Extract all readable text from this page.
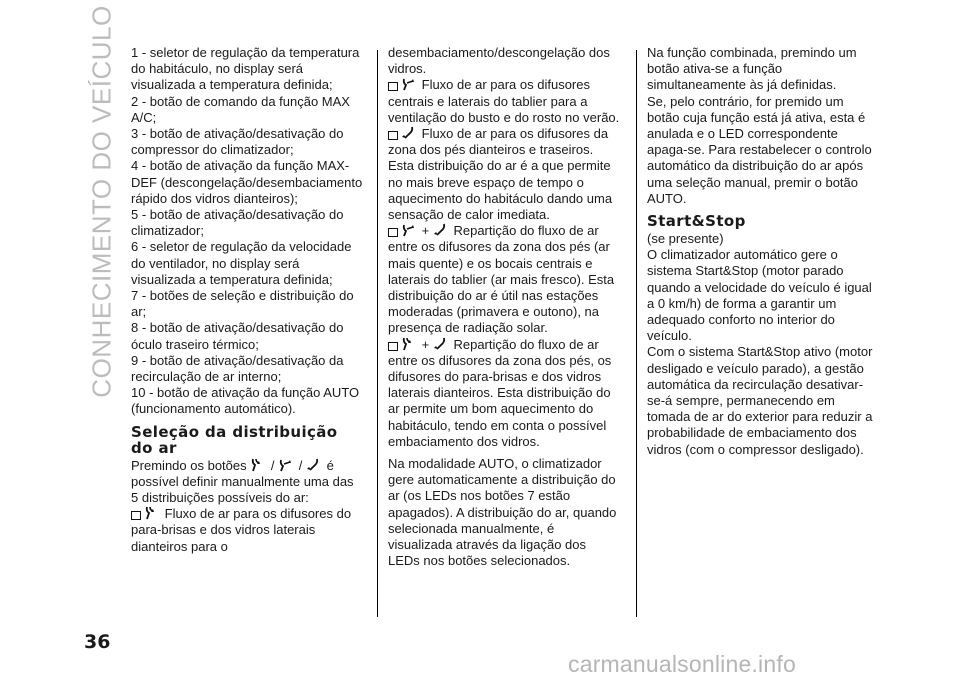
CONHECIMENTO DO VEÍCULO 1 - seletor de regulação da temperatura do habitáculo, no display será visualizada a temperatura definida;

2 - botão de comando da função MAX A/C;

3 - botão de ativação/desativação do compressor do climatizador;

4 - botão de ativação da função MAX-DEF (descongelação/desembaciamento rápido dos vidros dianteiros);

5 - botão de ativação/desativação do climatizador;

6 - seletor de regulação da velocidade do ventilador, no display será visualizada a temperatura definida;

7 - botões de seleção e distribuição do ar;

8 - botão de ativação/desativação do óculo traseiro térmico;

9 - botão de ativação/desativação da recirculação de ar interno;

10 - botão de ativação da função AUTO (funcionamento automático).

Seleção da distribuição do ar

Premindo os botões / / é possível definir manualmente uma das 5 distribuições possíveis do ar:

Fluxo de ar para os difusores do para-brisas e dos vidros laterais dianteiros para o

desembaciamento/descongelação dos vidros.

Fluxo de ar para os difusores centrais e laterais do tablier para a ventilação do busto e do rosto no verão.

Fluxo de ar para os difusores da zona dos pés dianteiros e traseiros. Esta distribuição do ar é a que permite no mais breve espaço de tempo o aquecimento do habitáculo dando uma sensação de calor imediata.

+ Repartição do fluxo de ar entre os difusores da zona dos pés (ar mais quente) e os bocais centrais e laterais do tablier (ar mais fresco). Esta distribuição do ar é útil nas estações moderadas (primavera e outono), na presença de radiação solar.

+ Repartição do fluxo de ar entre os difusores da zona dos pés, os difusores do para-brisas e dos vidros laterais dianteiros. Esta distribuição do ar permite um bom aquecimento do habitáculo, tendo em conta o possível embaciamento dos vidros.

Na modalidade AUTO, o climatizador gere automaticamente a distribuição do ar (os LEDs nos botões 7 estão apagados). A distribuição do ar, quando selecionada manualmente, é visualizada através da ligação dos LEDs nos botões selecionados.

Na função combinada, premindo um botão ativa-se a função simultaneamente às já definidas.

Se, pelo contrário, for premido um botão cuja função está já ativa, esta é anulada e o LED correspondente apaga-se. Para restabelecer o controlo automático da distribuição do ar após uma seleção manual, premir o botão AUTO.

Start&Stop

(se presente)

O climatizador automático gere o sistema Start&Stop (motor parado quando a velocidade do veículo é igual a 0 km/h) de forma a garantir um adequado conforto no interior do veículo.

Com o sistema Start&Stop ativo (motor desligado e veículo parado), a gestão automática da recirculação desativar-se-á sempre, permanecendo em tomada de ar do exterior para reduzir a probabilidade de embaciamento dos vidros (com o compressor desligado).

36
carmanualsonline.info
